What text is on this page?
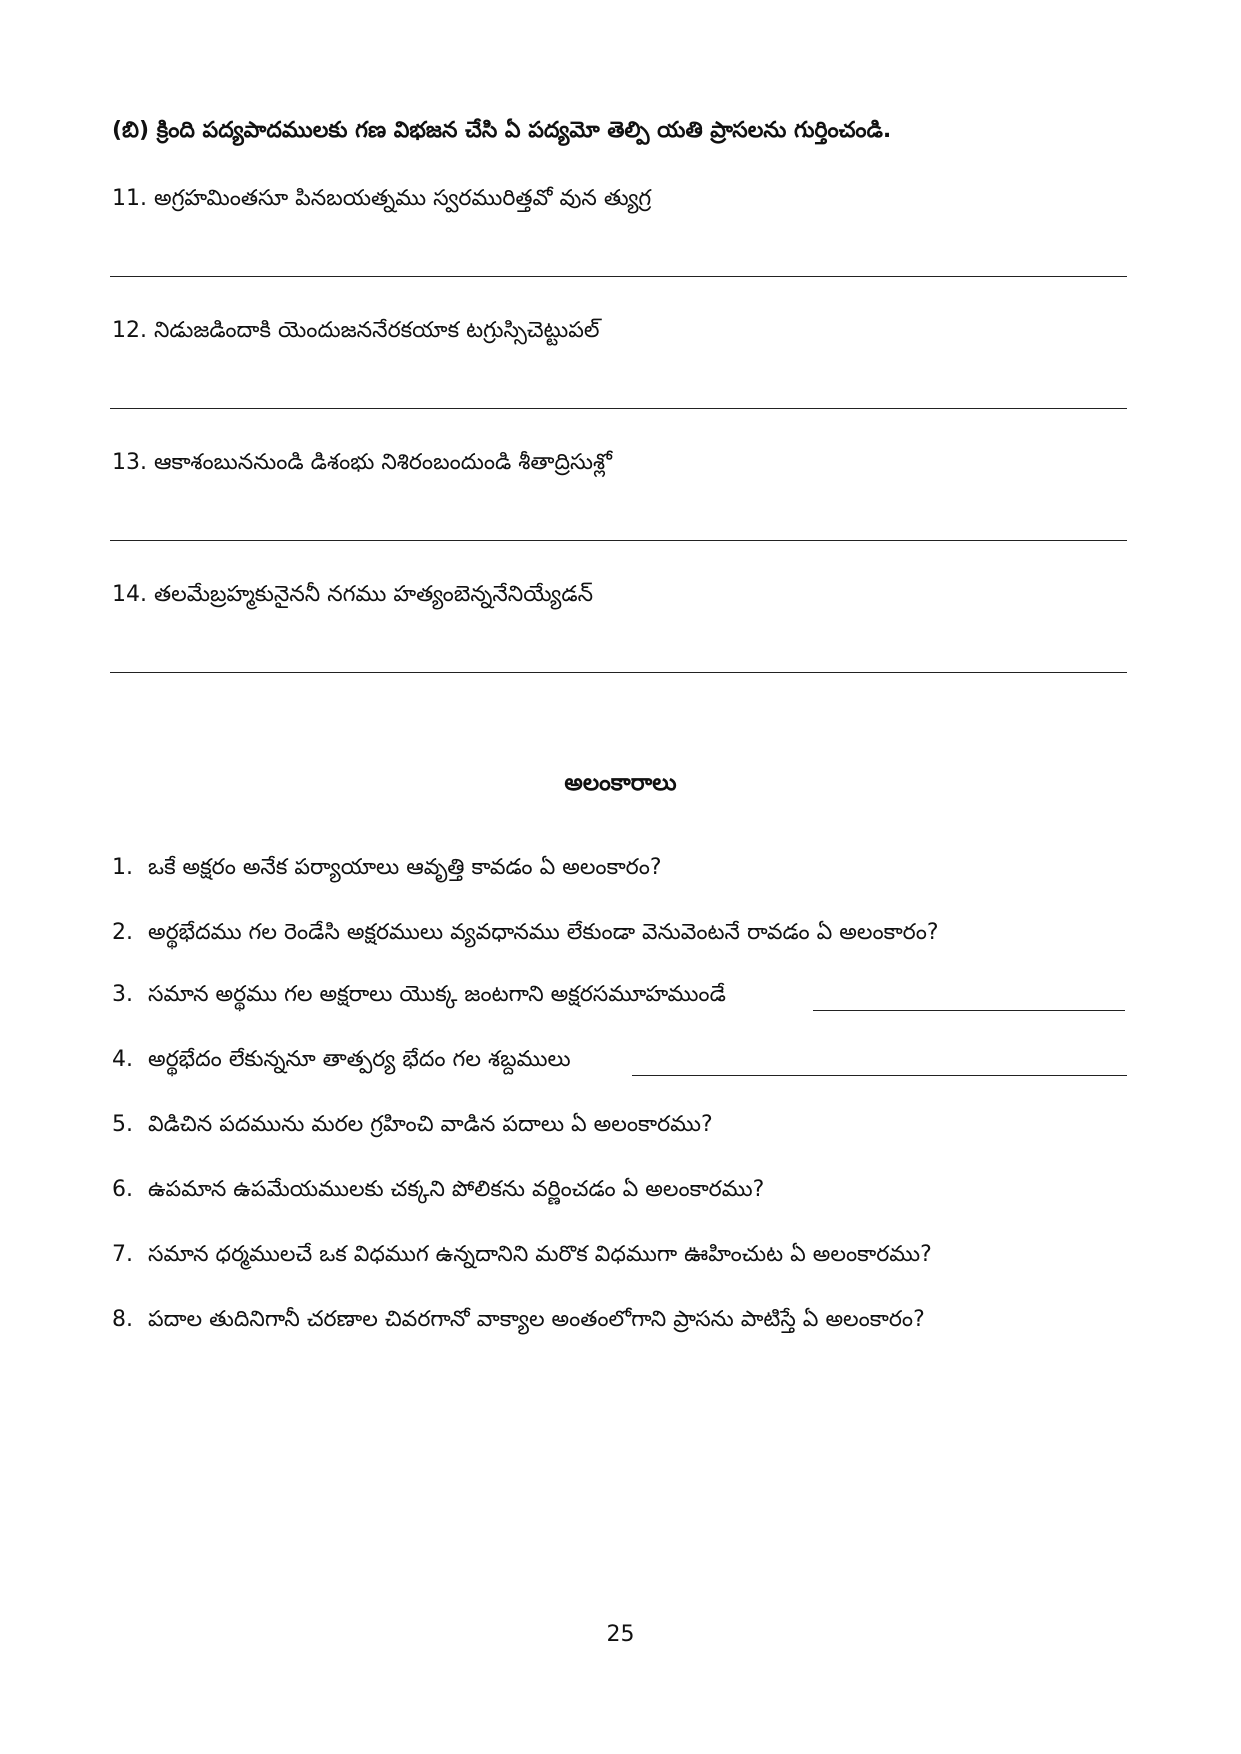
(బి) క్రింది పద్యపాదములకు గణ విభజన చేసి ఏ పద్యమో తెల్పి యతి ప్రాసలను గుర్తించండి.
11. అగ్రహమింతసూ పినబయత్నము స్వరమురిత్తవో వున త్యుగ్ర
12. నిడుజడిందాకి యెందుజననేరకయాక టగ్రుస్సిచెట్టుపల్
13. ఆకాశంబుననుండి డిశంభు నిశిరంబందుండి శీతాద్రిసుశ్లో
14. తలమేబ్రహ్మకునైననీ నగము హత్యంబెన్ననేనియ్యేడన్
అలంకారాలు
1. ఒకే అక్షరం అనేక పర్యాయాలు ఆవృత్తి కావడం ఏ అలంకారం?
2. అర్థభేదము గల రెండేసి అక్షరములు వ్యవధానము లేకుండా వెనువెంటనే రావడం ఏ అలంకారం?
3. సమాన అర్థము గల అక్షరాలు యొక్క జంటగాని అక్షరసమూహముండే
4. అర్థభేదం లేకున్ననూ తాత్పర్య భేదం గల శబ్దములు
5. విడిచిన పదమును మరల గ్రహించి వాడిన పదాలు ఏ అలంకారము?
6. ఉపమాన ఉపమేయములకు చక్కని పోలికను వర్ణించడం ఏ అలంకారము?
7. సమాన ధర్మములచే ఒక విధముగ ఉన్నదానిని మరొక విధముగా ఊహించుట ఏ అలంకారము?
8. పదాల తుదినిగానీ చరణాల చివరగానో వాక్యాల అంతంలోగాని ప్రాసను పాటిస్తే ఏ అలంకారం?
25
